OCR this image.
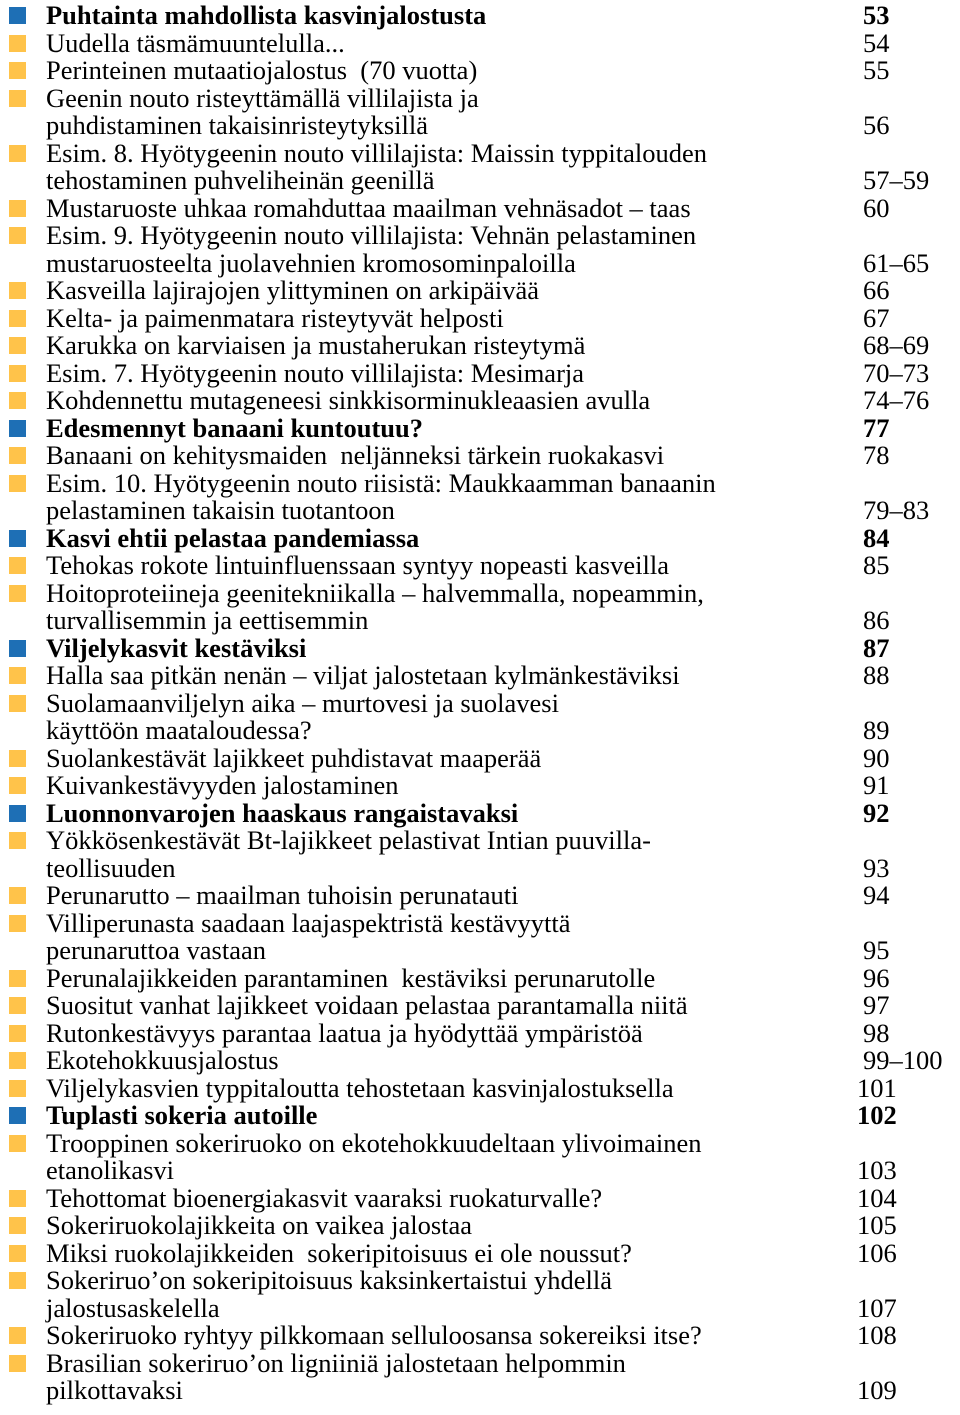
Puhtainta mahdollista kasvinjalostusta	53
Uudella täsmämuuntelulla...	54
Perinteinen mutaatiojalostus  (70 vuotta)	55
Geenin nouto risteyttämällä villilajista ja
puhdistaminen takaisinristeytyksillä	56
Esim. 8. Hyötygeenin nouto villilajista: Maissin typpitalouden
tehostaminen puhveliheinän geenillä	57–59
Mustaruoste uhkaa romahduttaa maailman vehnäsadot – taas	60
Esim. 9. Hyötygeenin nouto villilajista: Vehnän pelastaminen
mustaruosteelta juolavehnien kromosominpaloilla	61–65
Kasveilla lajirajojen ylittyminen on arkipäivää	66
Kelta- ja paimenmatara risteytyvät helposti	67
Karukka on karviaisen ja mustaherukan risteytymä	68–69
Esim. 7. Hyötygeenin nouto villilajista: Mesimarja	70–73
Kohdennettu mutageneesi sinkkisorminukleaasien avulla	74–76
Edesmennyt banaani kuntoutuu?	77
Banaani on kehitysmaiden  neljänneksi tärkein ruokakasvi	78
Esim. 10. Hyötygeenin nouto riisistä: Maukkaamman banaanin
pelastaminen takaisin tuotantoon	79–83
Kasvi ehtii pelastaa pandemiassa	84
Tehokas rokote lintuinfluenssaan syntyy nopeasti kasveilla	85
Hoitoproteiineja geenitekniikalla – halvemmalla, nopeammin,
turvallisemmin ja eettisemmin	86
Viljelykasvit kestäviksi	87
Halla saa pitkän nenän – viljat jalostetaan kylmänkestäviksi	88
Suolamaanviljelyn aika – murtovesi ja suolavesi
käyttöön maataloudessa?	89
Suolankestävät lajikkeet puhdistavat maaperää	90
Kuivankestävyyden jalostaminen	91
Luonnonvarojen haaskaus rangaistavaksi	92
Yökkösenkestävät Bt-lajikkeet pelastivat Intian puuvilla-
teollisuuden	93
Perunarutto – maailman tuhoisin perunatauti	94
Villiperunasta saadaan laajaspektristä kestävyyttä
perunaruttoa vastaan	95
Perunalajikkeiden parantaminen  kestäviksi perunarutolle	96
Suositut vanhat lajikkeet voidaan pelastaa parantamalla niitä	97
Rutonkestävyys parantaa laatua ja hyödyttää ympäristöä	98
Ekotehokkuusjalostus	99–100
Viljelykasvien typpitaloutta tehostetaan kasvinjalostuksella	101
Tuplasti sokeria autoille	102
Trooppinen sokeriruoko on ekotehokkuudeltaan ylivoimainen
etanolikasvi	103
Tehottomat bioenergiakasvit vaaraksi ruokaturvalle?	104
Sokeriruokolajikkeita on vaikea jalostaa	105
Miksi ruokolajikkeiden  sokeripitoisuus ei ole noussut?	106
Sokeriruo’on sokeripitoisuus kaksinkertaistui yhdellä
jalostusaskelella	107
Sokeriruoko ryhtyy pilkkomaan selluloosansa sokereiksi itse?	108
Brasilian sokeriruo’on ligniiniä jalostetaan helpommin
pilkottavaksi	109
